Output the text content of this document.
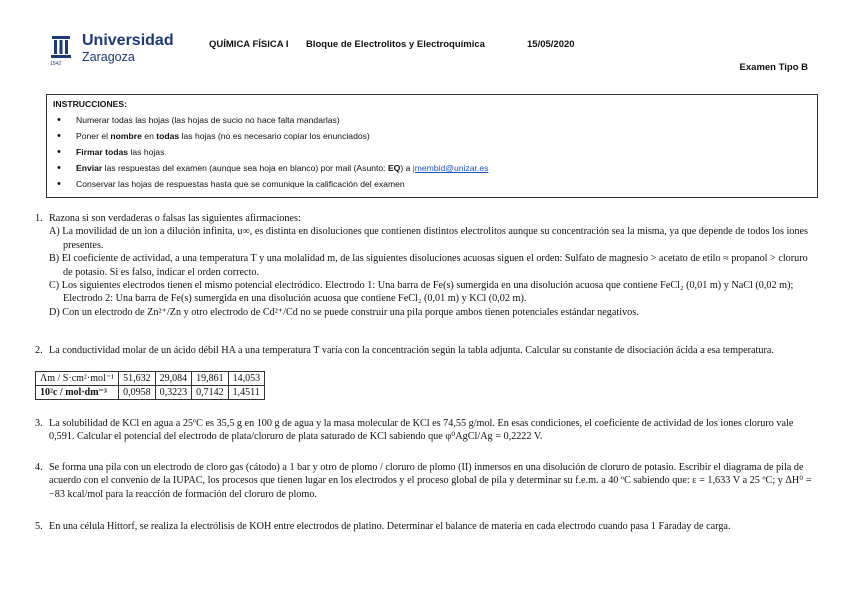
1542
Universidad
Zaragoza
QUÍMICA FÍSICA I Bloque de Electrolitos y Electroquímica	15/05/2020
Examen Tipo B
INSTRUCCIONES:
• Numerar todas las hojas (las hojas de sucio no hace falta mandarlas)
• Poner el nombre en todas las hojas (no es necesario copiar los enunciados)
• Firmar todas las hojas
• Enviar las respuestas del examen (aunque sea hoja en blanco) por mail (Asunto: EQ) a jmembid@unizar.es
• Conservar las hojas de respuestas hasta que se comunique la calificación del examen
1. Razona si son verdaderas o falsas las siguientes afirmaciones:
A) La movilidad de un ion a dilución infinita, u∞, es distinta en disoluciones que contienen distintos electrolitos aunque su concentración sea la misma, ya que depende de todos los iones presentes.
B) El coeficiente de actividad, a una temperatura T y una molalidad m, de las siguientes disoluciones acuosas siguen el orden: Sulfato de magnesio > acetato de etilo ≈ propanol > cloruro de potasio. Si es falso, indicar el orden correcto.
C) Los siguientes electrodos tienen el mismo potencial electródico. Electrodo 1: Una barra de Fe(s) sumergida en una disolución acuosa que contiene FeCl₂ (0,01 m) y NaCl (0,02 m); Electrodo 2: Una barra de Fe(s) sumergida en una disolución acuosa que contiene FeCl₂ (0,01 m) y KCl (0,02 m).
D) Con un electrodo de Zn²⁺/Zn y otro electrodo de Cd²⁺/Cd no se puede construir una pila porque ambos tienen potenciales estándar negativos.
2. La conductividad molar de un ácido débil HA a una temperatura T varía con la concentración según la tabla adjunta. Calcular su constante de disociación ácida a esa temperatura.
Λm / S·cm²·mol⁻¹	51,632	29,084	19,861	14,053
10²c / mol·dm⁻³	0,0958	0,3223	0,7142	1,4511
3. La solubilidad de KCl en agua a 25ºC es 35,5 g en 100 g de agua y la masa molecular de KCl es 74,55 g/mol. En esas condiciones, el coeficiente de actividad de los iones cloruro vale 0,591. Calcular el potencial del electrodo de plata/cloruro de plata saturado de KCl sabiendo que φ⁰AgCl/Ag = 0,2222 V.
4. Se forma una pila con un electrodo de cloro gas (cátodo) a 1 bar y otro de plomo / cloruro de plomo (II) inmersos en una disolución de cloruro de potasio. Escribir el diagrama de pila de acuerdo con el convenio de la IUPAC, los procesos que tienen lugar en los electrodos y el proceso global de pila y determinar su f.e.m. a 40 ºC sabiendo que: ε = 1,633 V a 25 ºC; y ΔH⁰ = −83 kcal/mol para la reacción de formación del cloruro de plomo.
5. En una célula Hittorf, se realiza la electrólisis de KOH entre electrodos de platino. Determinar el balance de materia en cada electrodo cuando pasa 1 Faraday de carga.
